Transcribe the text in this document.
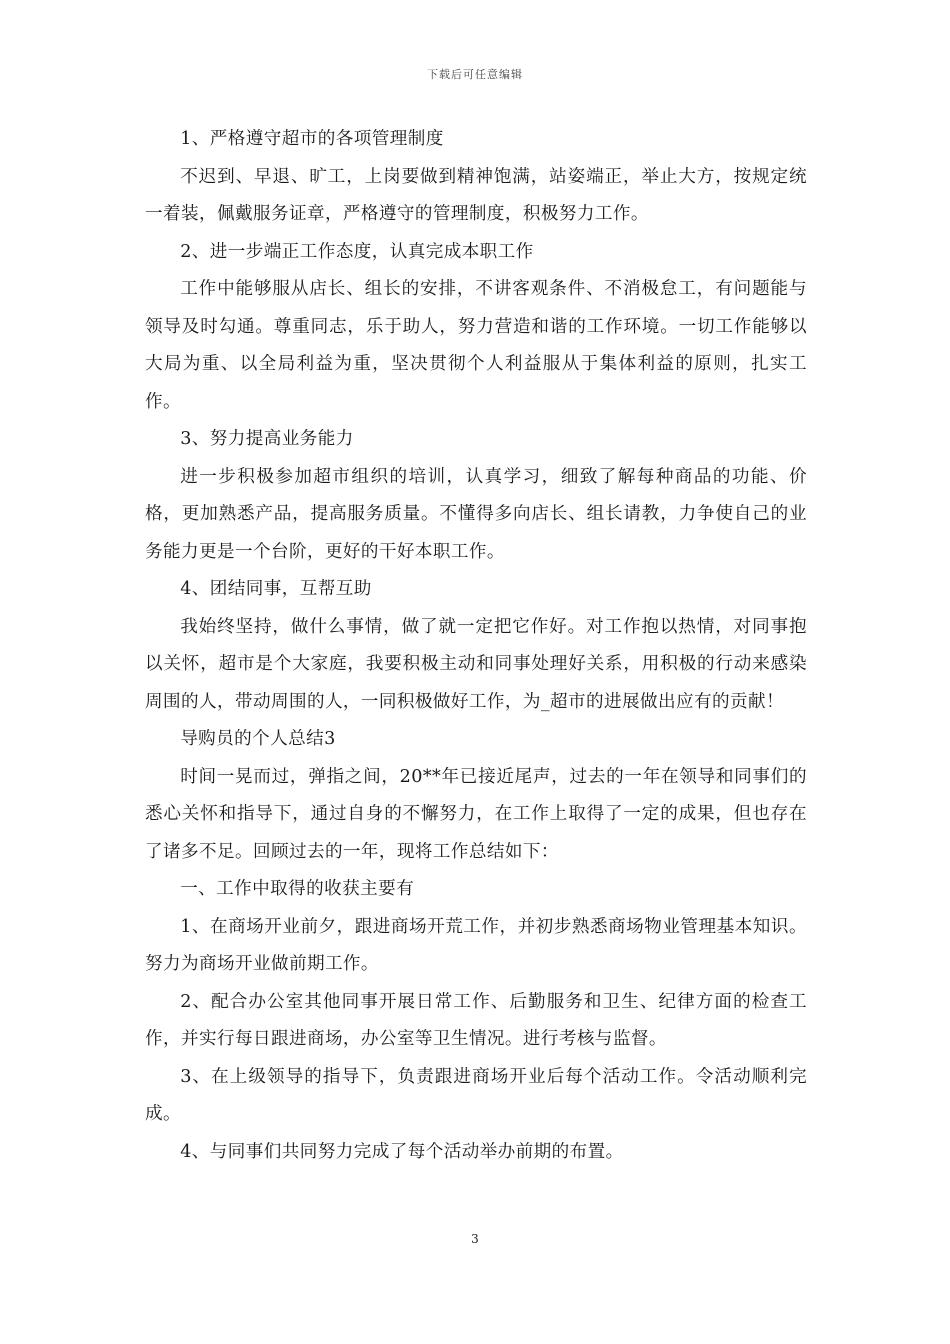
下载后可任意编辑

1、严格遵守超市的各项管理制度

不迟到、早退、旷工，上岗要做到精神饱满，站姿端正，举止大方，按规定统一着装，佩戴服务证章，严格遵守的管理制度，积极努力工作。

2、进一步端正工作态度，认真完成本职工作

工作中能够服从店长、组长的安排，不讲客观条件、不消极怠工，有问题能与领导及时勾通。尊重同志，乐于助人，努力营造和谐的工作环境。一切工作能够以大局为重、以全局利益为重，坚决贯彻个人利益服从于集体利益的原则，扎实工作。

3、努力提高业务能力

进一步积极参加超市组织的培训，认真学习，细致了解每种商品的功能、价格，更加熟悉产品，提高服务质量。不懂得多向店长、组长请教，力争使自己的业务能力更是一个台阶，更好的干好本职工作。

4、团结同事，互帮互助

我始终坚持，做什么事情，做了就一定把它作好。对工作抱以热情，对同事抱以关怀，超市是个大家庭，我要积极主动和同事处理好关系，用积极的行动来感染周围的人，带动周围的人，一同积极做好工作，为_超市的进展做出应有的贡献！

导购员的个人总结3

时间一晃而过，弹指之间，20**年已接近尾声，过去的一年在领导和同事们的悉心关怀和指导下，通过自身的不懈努力，在工作上取得了一定的成果，但也存在了诸多不足。回顾过去的一年，现将工作总结如下：

一、工作中取得的收获主要有

1、在商场开业前夕，跟进商场开荒工作，并初步熟悉商场物业管理基本知识。努力为商场开业做前期工作。

2、配合办公室其他同事开展日常工作、后勤服务和卫生、纪律方面的检查工作，并实行每日跟进商场，办公室等卫生情况。进行考核与监督。

3、在上级领导的指导下，负责跟进商场开业后每个活动工作。令活动顺利完成。

4、与同事们共同努力完成了每个活动举办前期的布置。

3
